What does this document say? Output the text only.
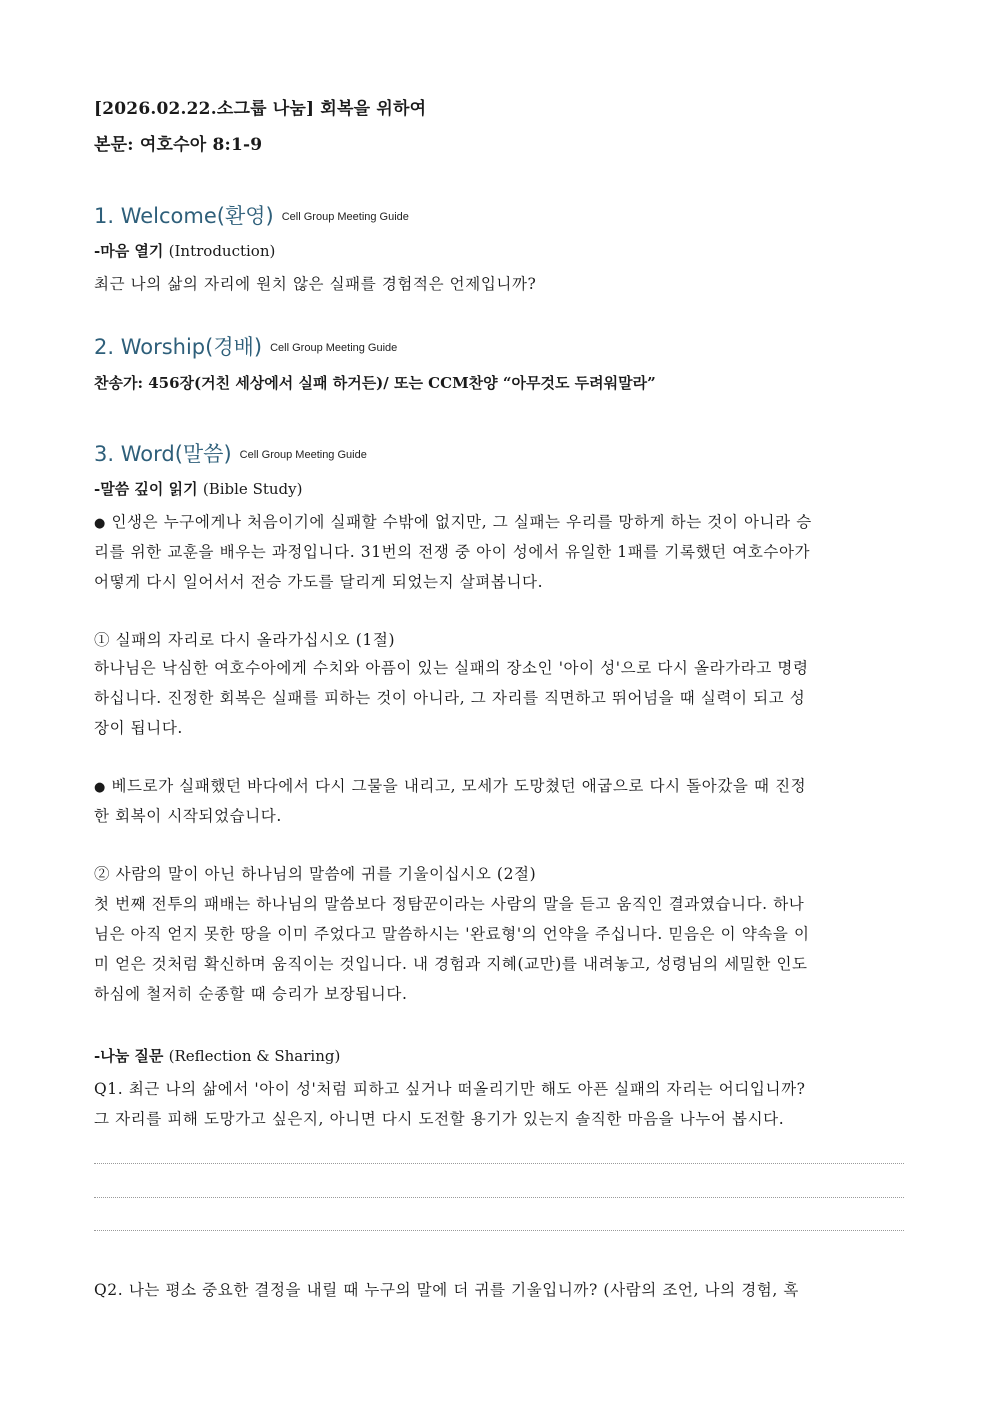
[2026.02.22.소그룹 나눔] 회복을 위하여
본문: 여호수아 8:1-9
1. Welcome(환영) Cell Group Meeting Guide
-마음 열기 (Introduction)
최근 나의 삶의 자리에 원치 않은 실패를 경험적은 언제입니까?
2. Worship(경배) Cell Group Meeting Guide
찬송가: 456장(거친 세상에서 실패 하거든)/ 또는 CCM찬양 “아무것도 두려워말라”
3. Word(말씀) Cell Group Meeting Guide
-말씀 깊이 읽기 (Bible Study)
● 인생은 누구에게나 처음이기에 실패할 수밖에 없지만, 그 실패는 우리를 망하게 하는 것이 아니라 승
리를 위한 교훈을 배우는 과정입니다. 31번의 전쟁 중 아이 성에서 유일한 1패를 기록했던 여호수아가
어떻게 다시 일어서서 전승 가도를 달리게 되었는지 살펴봅니다.
① 실패의 자리로 다시 올라가십시오 (1절)
하나님은 낙심한 여호수아에게 수치와 아픔이 있는 실패의 장소인 '아이 성'으로 다시 올라가라고 명령
하십니다. 진정한 회복은 실패를 피하는 것이 아니라, 그 자리를 직면하고 뛰어넘을 때 실력이 되고 성
장이 됩니다.
● 베드로가 실패했던 바다에서 다시 그물을 내리고, 모세가 도망쳤던 애굽으로 다시 돌아갔을 때 진정
한 회복이 시작되었습니다.
② 사람의 말이 아닌 하나님의 말씀에 귀를 기울이십시오 (2절)
첫 번째 전투의 패배는 하나님의 말씀보다 정탐꾼이라는 사람의 말을 듣고 움직인 결과였습니다. 하나
님은 아직 얻지 못한 땅을 이미 주었다고 말씀하시는 '완료형'의 언약을 주십니다. 믿음은 이 약속을 이
미 얻은 것처럼 확신하며 움직이는 것입니다. 내 경험과 지혜(교만)를 내려놓고, 성령님의 세밀한 인도
하심에 철저히 순종할 때 승리가 보장됩니다.
-나눔 질문 (Reflection & Sharing)
Q1. 최근 나의 삶에서 '아이 성'처럼 피하고 싶거나 떠올리기만 해도 아픈 실패의 자리는 어디입니까?
그 자리를 피해 도망가고 싶은지, 아니면 다시 도전할 용기가 있는지 솔직한 마음을 나누어 봅시다.
Q2. 나는 평소 중요한 결정을 내릴 때 누구의 말에 더 귀를 기울입니까? (사람의 조언, 나의 경험, 혹
